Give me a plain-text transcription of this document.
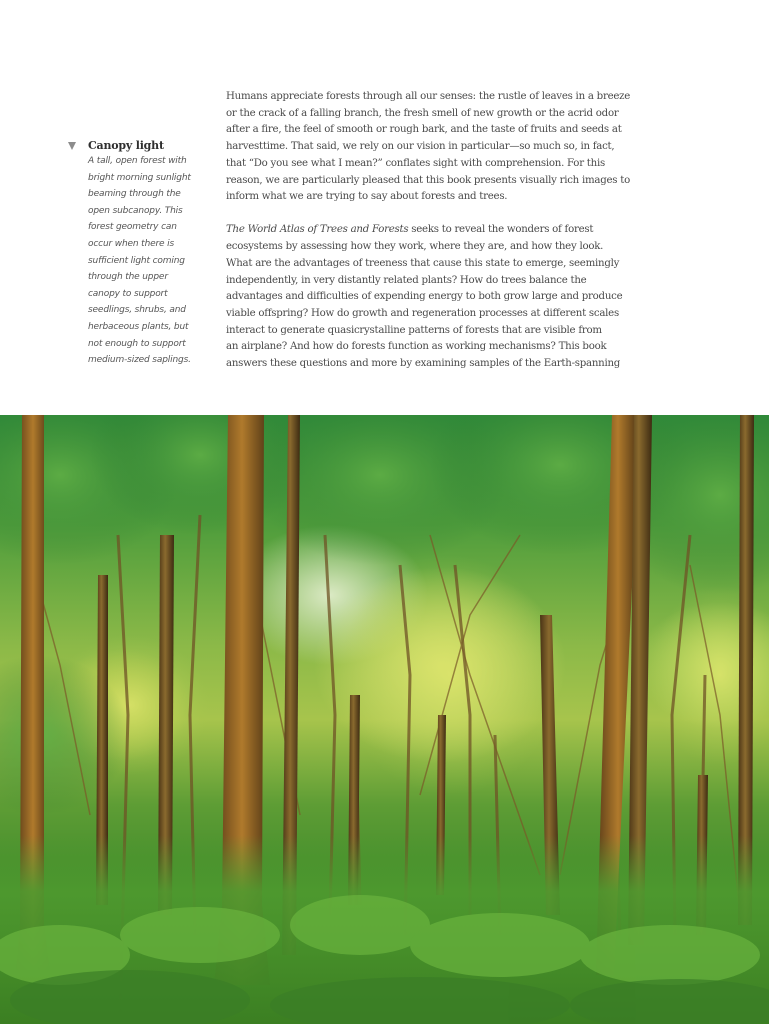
Canopy light
A tall, open forest with
bright morning sunlight
beaming through the
open subcanopy. This
forest geometry can
occur when there is
sufficient light coming
through the upper
canopy to support
seedlings, shrubs, and
herbaceous plants, but
not enough to support
medium-sized saplings.
Humans appreciate forests through all our senses: the rustle of leaves in a breeze
or the crack of a falling branch, the fresh smell of new growth or the acrid odor
after a fire, the feel of smooth or rough bark, and the taste of fruits and seeds at
harvesttime. That said, we rely on our vision in particular—so much so, in fact,
that “Do you see what I mean?” conflates sight with comprehension. For this
reason, we are particularly pleased that this book presents visually rich images to
inform what we are trying to say about forests and trees.
The World Atlas of Trees and Forests seeks to reveal the wonders of forest
ecosystems by assessing how they work, where they are, and how they look.
What are the advantages of treeness that cause this state to emerge, seemingly
independently, in very distantly related plants? How do trees balance the
advantages and difficulties of expending energy to both grow large and produce
viable offspring? How do growth and regeneration processes at different scales
interact to generate quasicrystalline patterns of forests that are visible from
an airplane? And how do forests function as working mechanisms? This book
answers these questions and more by examining samples of the Earth-spanning
